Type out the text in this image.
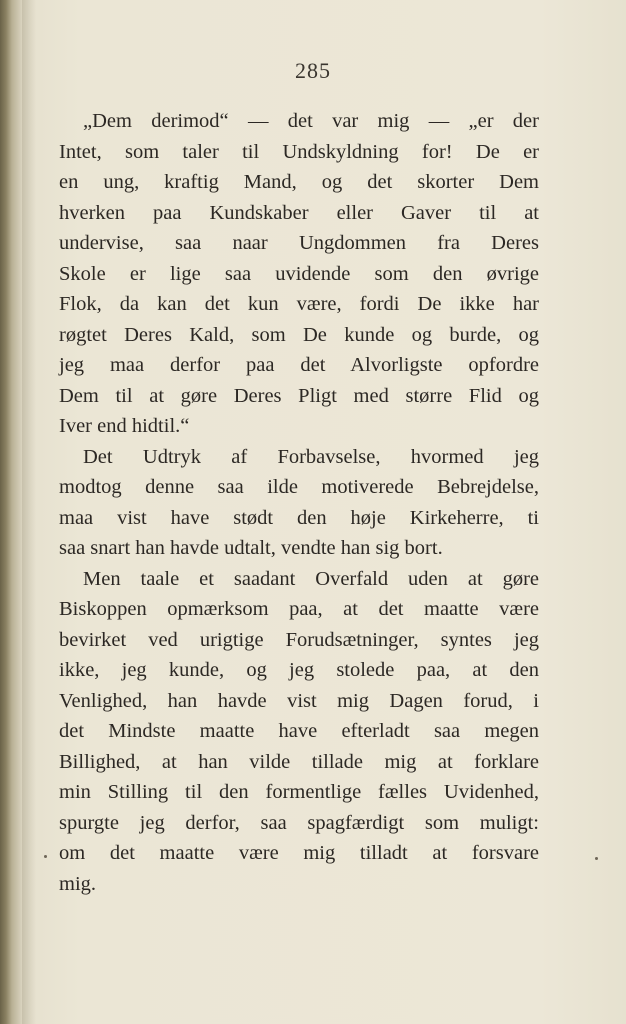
285
„Dem derimod“ — det var mig — „er der
Intet, som taler til Undskyldning for! De er
en ung, kraftig Mand, og det skorter Dem
hverken paa Kundskaber eller Gaver til at
undervise, saa naar Ungdommen fra Deres
Skole er lige saa uvidende som den øvrige
Flok, da kan det kun være, fordi De ikke har
røgtet Deres Kald, som De kunde og burde, og
jeg maa derfor paa det Alvorligste opfordre
Dem til at gøre Deres Pligt med større Flid og
Iver end hidtil.“
Det Udtryk af Forbavselse, hvormed jeg
modtog denne saa ilde motiverede Bebrejdelse,
maa vist have stødt den høje Kirkeherre, ti
saa snart han havde udtalt, vendte han sig bort.
Men taale et saadant Overfald uden at gøre
Biskoppen opmærksom paa, at det maatte være
bevirket ved urigtige Forudsætninger, syntes jeg
ikke, jeg kunde, og jeg stolede paa, at den
Venlighed, han havde vist mig Dagen forud, i
det Mindste maatte have efterladt saa megen
Billighed, at han vilde tillade mig at forklare
min Stilling til den formentlige fælles Uvidenhed,
spurgte jeg derfor, saa spagfærdigt som muligt:
om det maatte være mig tilladt at forsvare
mig.
